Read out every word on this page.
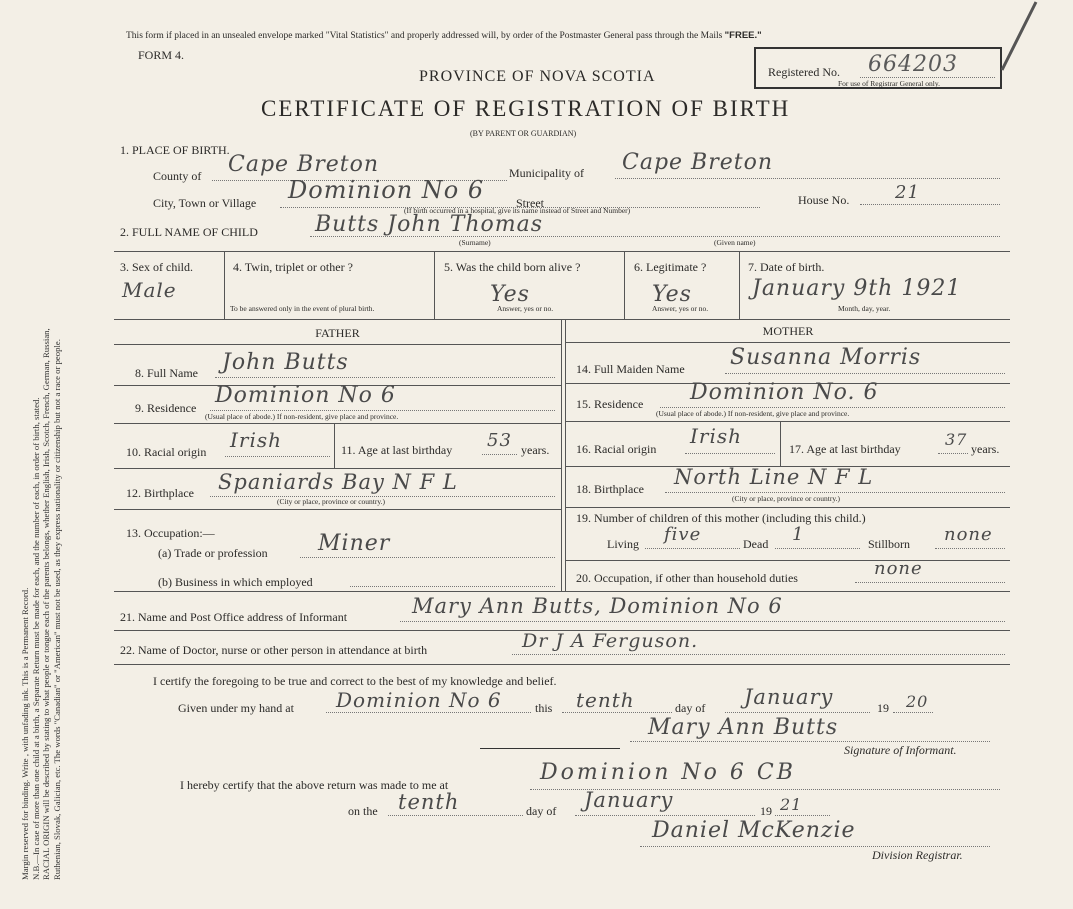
Margin reserved for binding. Write , with unfading ink. This is a Permanent Record. N.B.—In case of more than one child at a birth, a Separate Return must be made for each, and the number of each, in order of birth, stated. RACIAL ORIGIN will be described by stating to what people or tongue each of the parents belongs, whether English, Irish, Scotch, French, German, Russian, Ruthenian, Slovak, Galician, etc. The words "Canadian" or "American" must not be used, as they express nationality or citizenship but not a race or people.
This form if placed in an unsealed envelope marked "Vital Statistics" and properly addressed will, by order of the Postmaster General pass through the Mails "FREE."
FORM 4.
PROVINCE OF NOVA SCOTIA
CERTIFICATE OF REGISTRATION OF BIRTH
(BY PARENT OR GUARDIAN)
Registered No. 664203
For use of Registrar General only.
1. PLACE OF BIRTH.
County of Cape Breton	Municipality of Cape Breton
City, Town or Village Dominion No 6	Street
(If birth occurred in a hospital, give its name instead of Street and Number)
House No.	21
2. FULL NAME OF CHILD	Butts John Thomas
(Surname)	(Given name)
3. Sex of child.
Male
4. Twin, triplet or other ?
To be answered only in the event of plural birth.
5. Was the child born alive ?
Yes
Answer, yes or no.
6. Legitimate ?
Yes
Answer, yes or no.
7. Date of birth.
January 9th 1921
Month, day, year.
FATHER	MOTHER
8. Full Name John Butts
9. Residence Dominion No 6
(Usual place of abode.) If non-resident, give place and province.
10. Racial origin Irish	11. Age at last birthday 53 years.
12. Birthplace Spaniards Bay N F L
(City or place, province or country.)
13. Occupation:—
(a) Trade or profession Miner
(b) Business in which employed
14. Full Maiden Name Susanna Morris
15. Residence Dominion No. 6
(Usual place of abode.) If non-resident, give place and province.
16. Racial origin
Irish
17. Age at last birthday	37 years.
18. Birthplace North Line N F L
(City or place, province or country.)
19. Number of children of this mother (including this child.)
Living five	Dead 1	Stillborn none
20. Occupation, if other than household duties	none
21. Name and Post Office address of Informant	Mary Ann Butts, Dominion No 6
22. Name of Doctor, nurse or other person in attendance at birth	Dr J A Ferguson.
I certify the foregoing to be true and correct to the best of my knowledge and belief.
Given under my hand at Dominion No 6	this tenth	day of January	19 20
Mary Ann Butts
Signature of Informant.
I hereby certify that the above return was made to me at	Dominion No 6 CB
on the tenth	day of January	19 21
Daniel McKenzie
Division Registrar.
